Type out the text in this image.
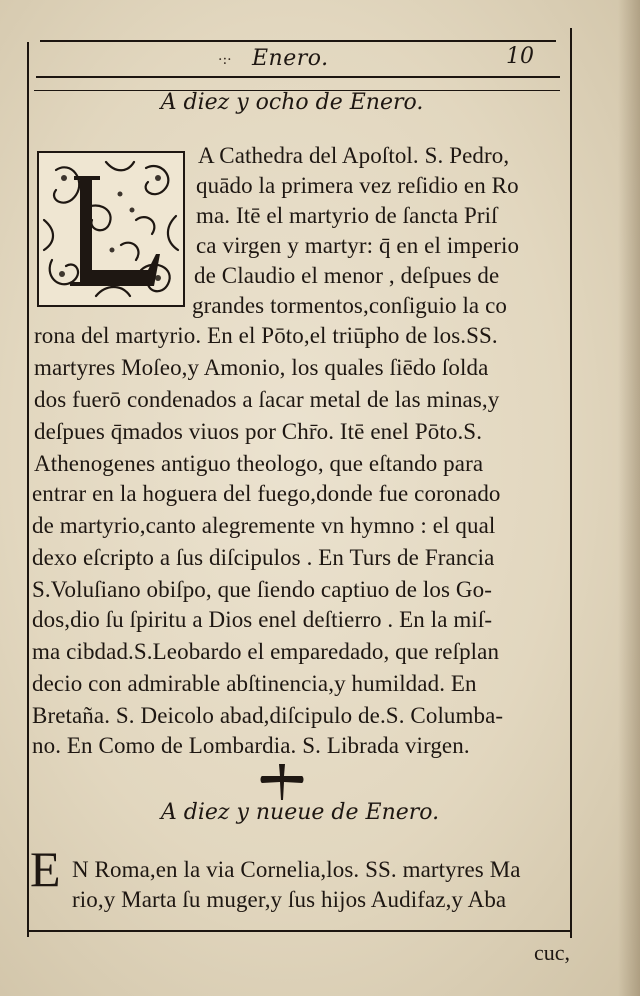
·:· Enero.	10
A diez y ocho de Enero.
A Cathedra del Apoſtol. S. Pedro,
quādo la primera vez reſidio en Ro
ma. Itē el martyrio de ſancta Priſ
ca virgen y martyr: q̄ en el imperio
de Claudio el menor , deſpues de
grandes tormentos,conſiguio la co
rona del martyrio. En el Pōto,el triūpho de los.SS.
martyres Moſeo,y Amonio, los quales ſiēdo ſolda
dos fuerō condenados a ſacar metal de las minas,y
deſpues q̄mados viuos por Chr̄o. Itē enel Pōto.S.
Athenogenes antiguo theologo, que eſtando para
entrar en la hoguera del fuego,donde fue coronado
de martyrio,canto alegremente vn hymno : el qual
dexo eſcripto a ſus diſcipulos . En Turs de Francia
S.Voluſiano obiſpo, que ſiendo captiuo de los Go-
dos,dio ſu ſpiritu a Dios enel deſtierro . En la miſ-
ma cibdad.S.Leobardo el emparedado, que reſplan
decio con admirable abſtinencia,y humildad. En
Bretaña. S. Deicolo abad,diſcipulo de.S. Columba-
no. En Como de Lombardia. S. Librada virgen.
A diez y nueue de Enero.
E N Roma,en la via Cornelia,los. SS. martyres Ma
rio,y Marta ſu muger,y ſus hijos Audifaz,y Aba
cuc,
